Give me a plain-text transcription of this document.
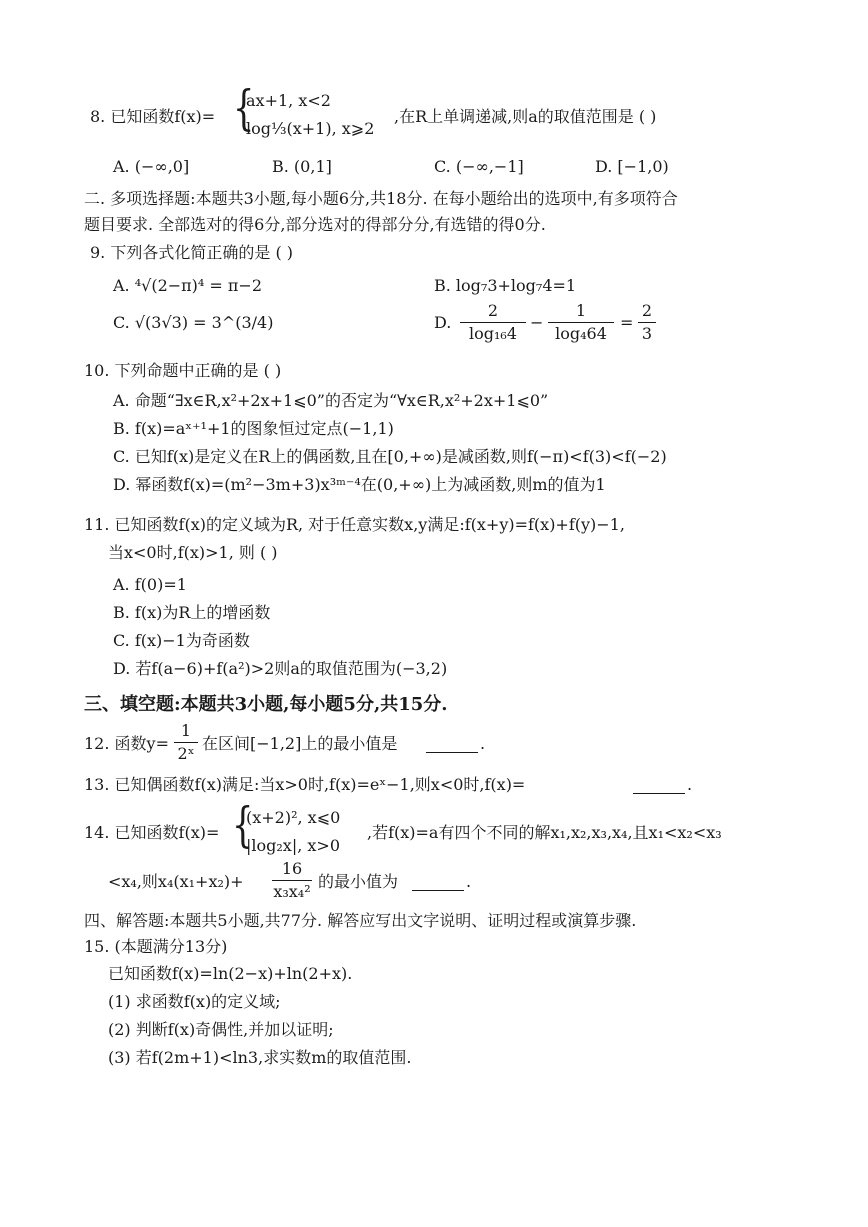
8. 已知函数f(x)= {
ax+1, x<2
log⅓(x+1), x⩾2
,在R上单调递减,则a的取值范围是 ( )
A. (−∞,0]	B. (0,1]	C. (−∞,−1]	D. [−1,0)
二. 多项选择题:本题共3小题,每小题6分,共18分. 在每小题给出的选项中,有多项符合
题目要求. 全部选对的得6分,部分选对的得部分分,有选错的得0分.
9. 下列各式化简正确的是 ( )
A. ⁴√(2−π)⁴ = π−2	B. log₇3+log₇4=1
C. √(3√3) = 3^(3/4)	D.
2
log₁₆4
−
1
log₄64
=
2
3
10. 下列命题中正确的是 ( )
A. 命题“∃x∈R,x²+2x+1⩽0”的否定为“∀x∈R,x²+2x+1⩽0”
B. f(x)=aˣ⁺¹+1的图象恒过定点(−1,1)
C. 已知f(x)是定义在R上的偶函数,且在[0,+∞)是减函数,则f(−π)<f(3)<f(−2)
D. 幂函数f(x)=(m²−3m+3)x³ᵐ⁻⁴在(0,+∞)上为减函数,则m的值为1
11. 已知函数f(x)的定义域为R, 对于任意实数x,y满足:f(x+y)=f(x)+f(y)−1,
当x<0时,f(x)>1, 则 ( )
A. f(0)=1
B. f(x)为R上的增函数
C. f(x)−1为奇函数
D. 若f(a−6)+f(a²)>2则a的取值范围为(−3,2)
三、填空题:本题共3小题,每小题5分,共15分.
12. 函数y=
1
2ˣ
在区间[−1,2]上的最小值是	.
13. 已知偶函数f(x)满足:当x>0时,f(x)=eˣ−1,则x<0时,f(x)=	.
14. 已知函数f(x)= {
(x+2)², x⩽0
|log₂x|, x>0
,若f(x)=a有四个不同的解x₁,x₂,x₃,x₄,且x₁<x₂<x₃
<x₄,则x₄(x₁+x₂)+
16
x₃x₄²
的最小值为	.
四、解答题:本题共5小题,共77分. 解答应写出文字说明、证明过程或演算步骤.
15. (本题满分13分)
已知函数f(x)=ln(2−x)+ln(2+x).
(1) 求函数f(x)的定义域;
(2) 判断f(x)奇偶性,并加以证明;
(3) 若f(2m+1)<ln3,求实数m的取值范围.
